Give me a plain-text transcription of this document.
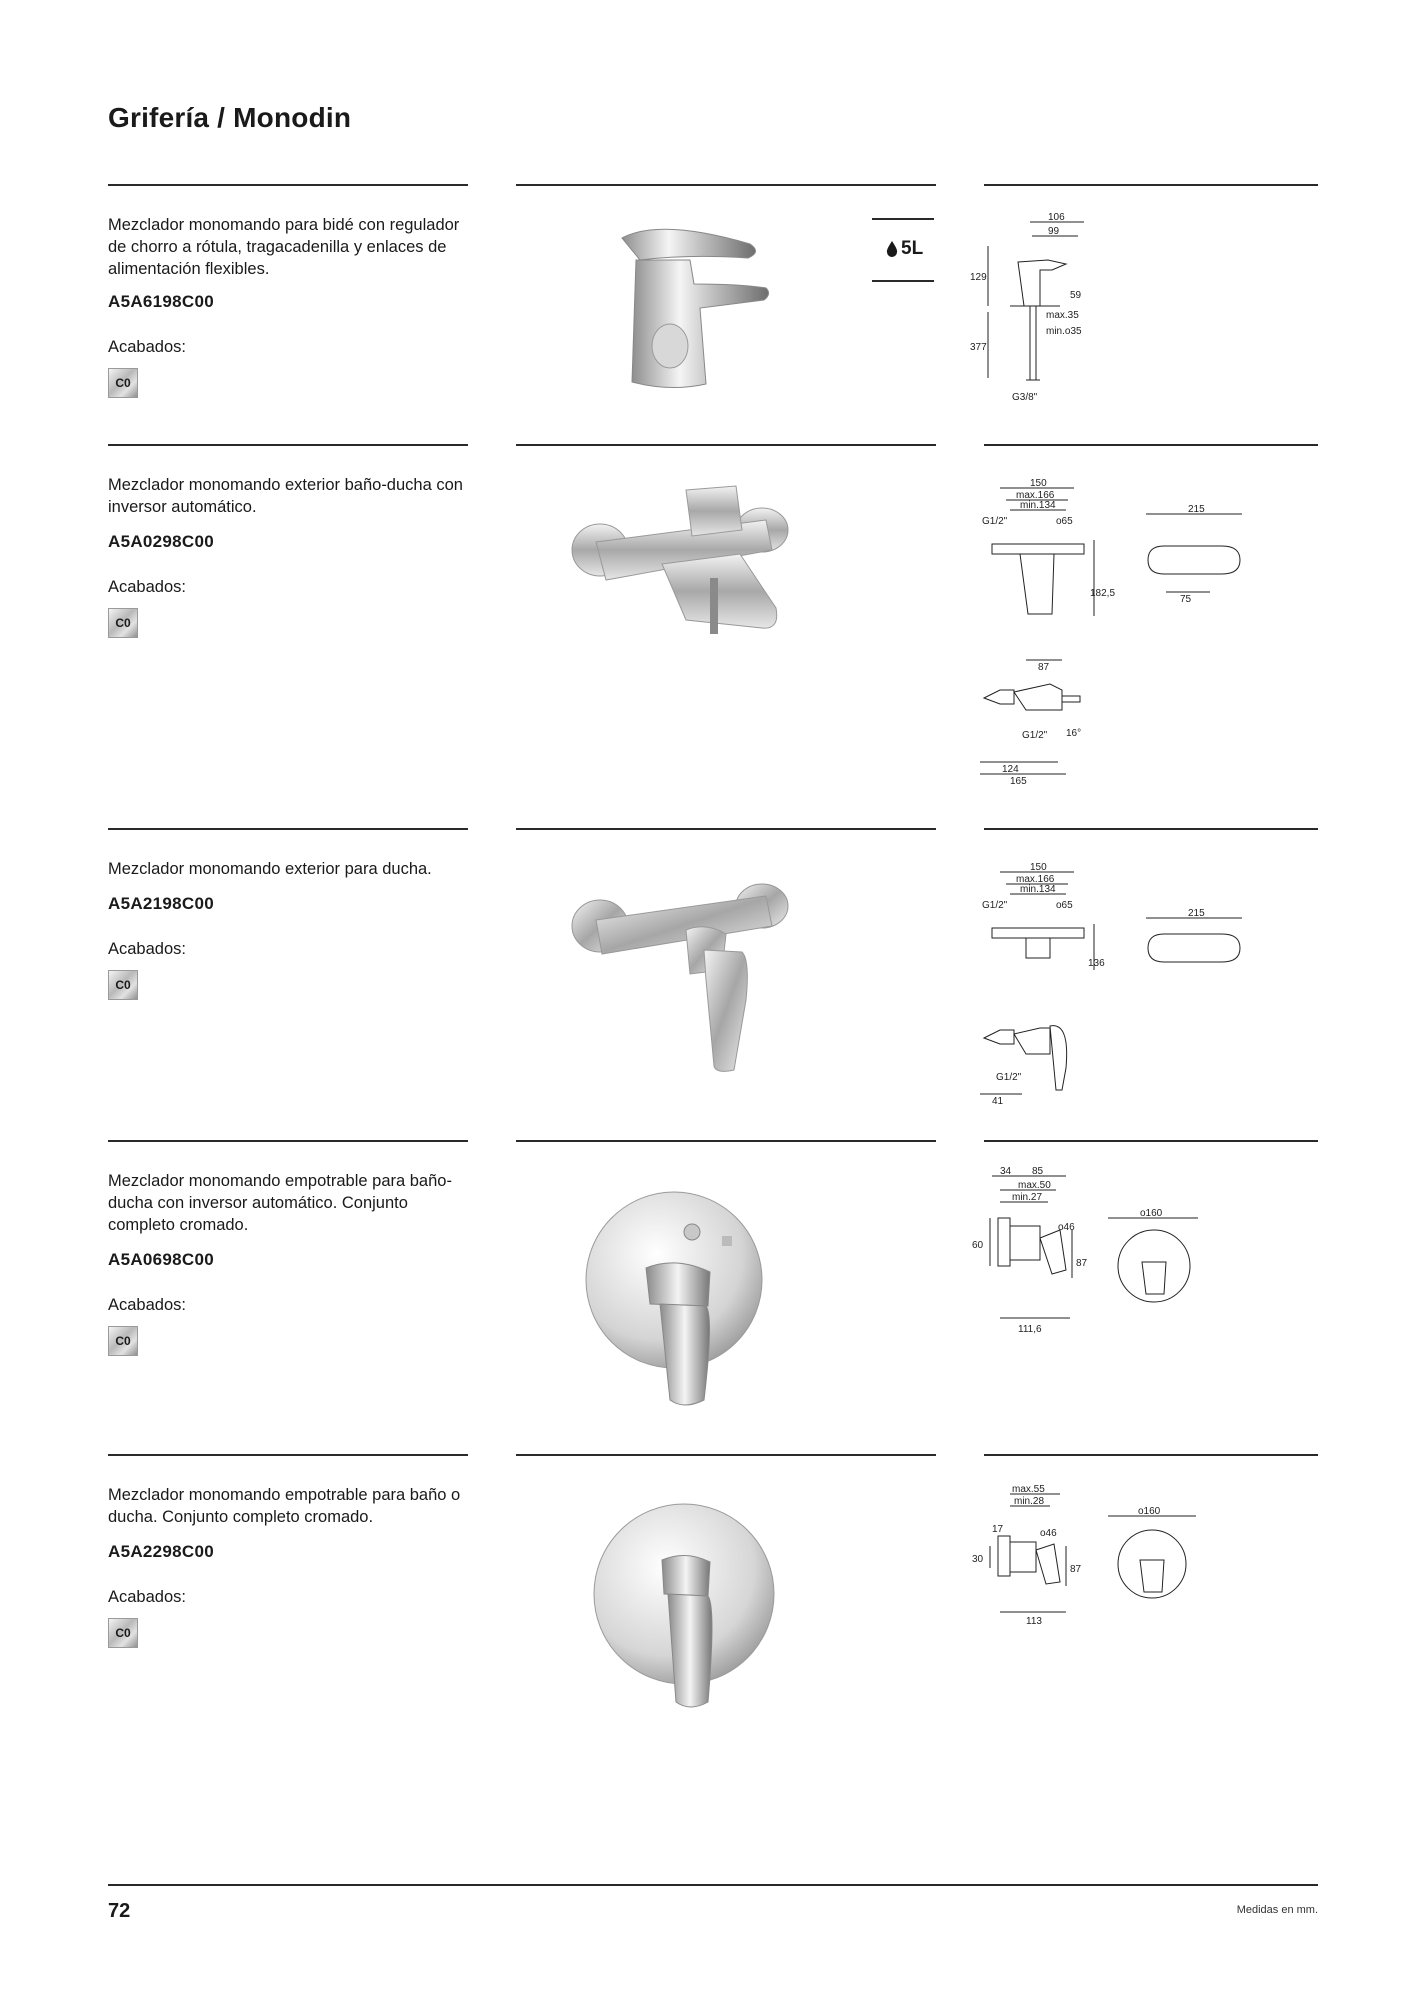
Grifería / Monodin
Mezclador monomando para bidé con regulador de chorro a rótula, tragacadenilla y enlaces de alimentación flexibles.
A5A6198C00
Acabados:
C0
5L
106
99
129
59
max.35
377
min.o35
G3/8"
Mezclador monomando exterior baño-ducha con inversor automático.
A5A0298C00
Acabados:
C0
150
max.166
min.134
G1/2"	o65
182,5
215
75
87
G1/2" 16°
124
165
Mezclador monomando exterior para ducha.
A5A2198C00
Acabados:
C0
150
max.166
min.134
G1/2"	o65
136
215
G1/2"
41
Mezclador monomando empotrable para baño-ducha con inversor automático. Conjunto completo cromado.
A5A0698C00
Acabados:
C0
34 85
max.50
min.27
60
o46
87
111,6
o160
Mezclador monomando empotrable para baño o ducha. Conjunto completo cromado.
A5A2298C00
Acabados:
C0
max.55
min.28
17	o46
30
87
113
o160
72	Medidas en mm.
